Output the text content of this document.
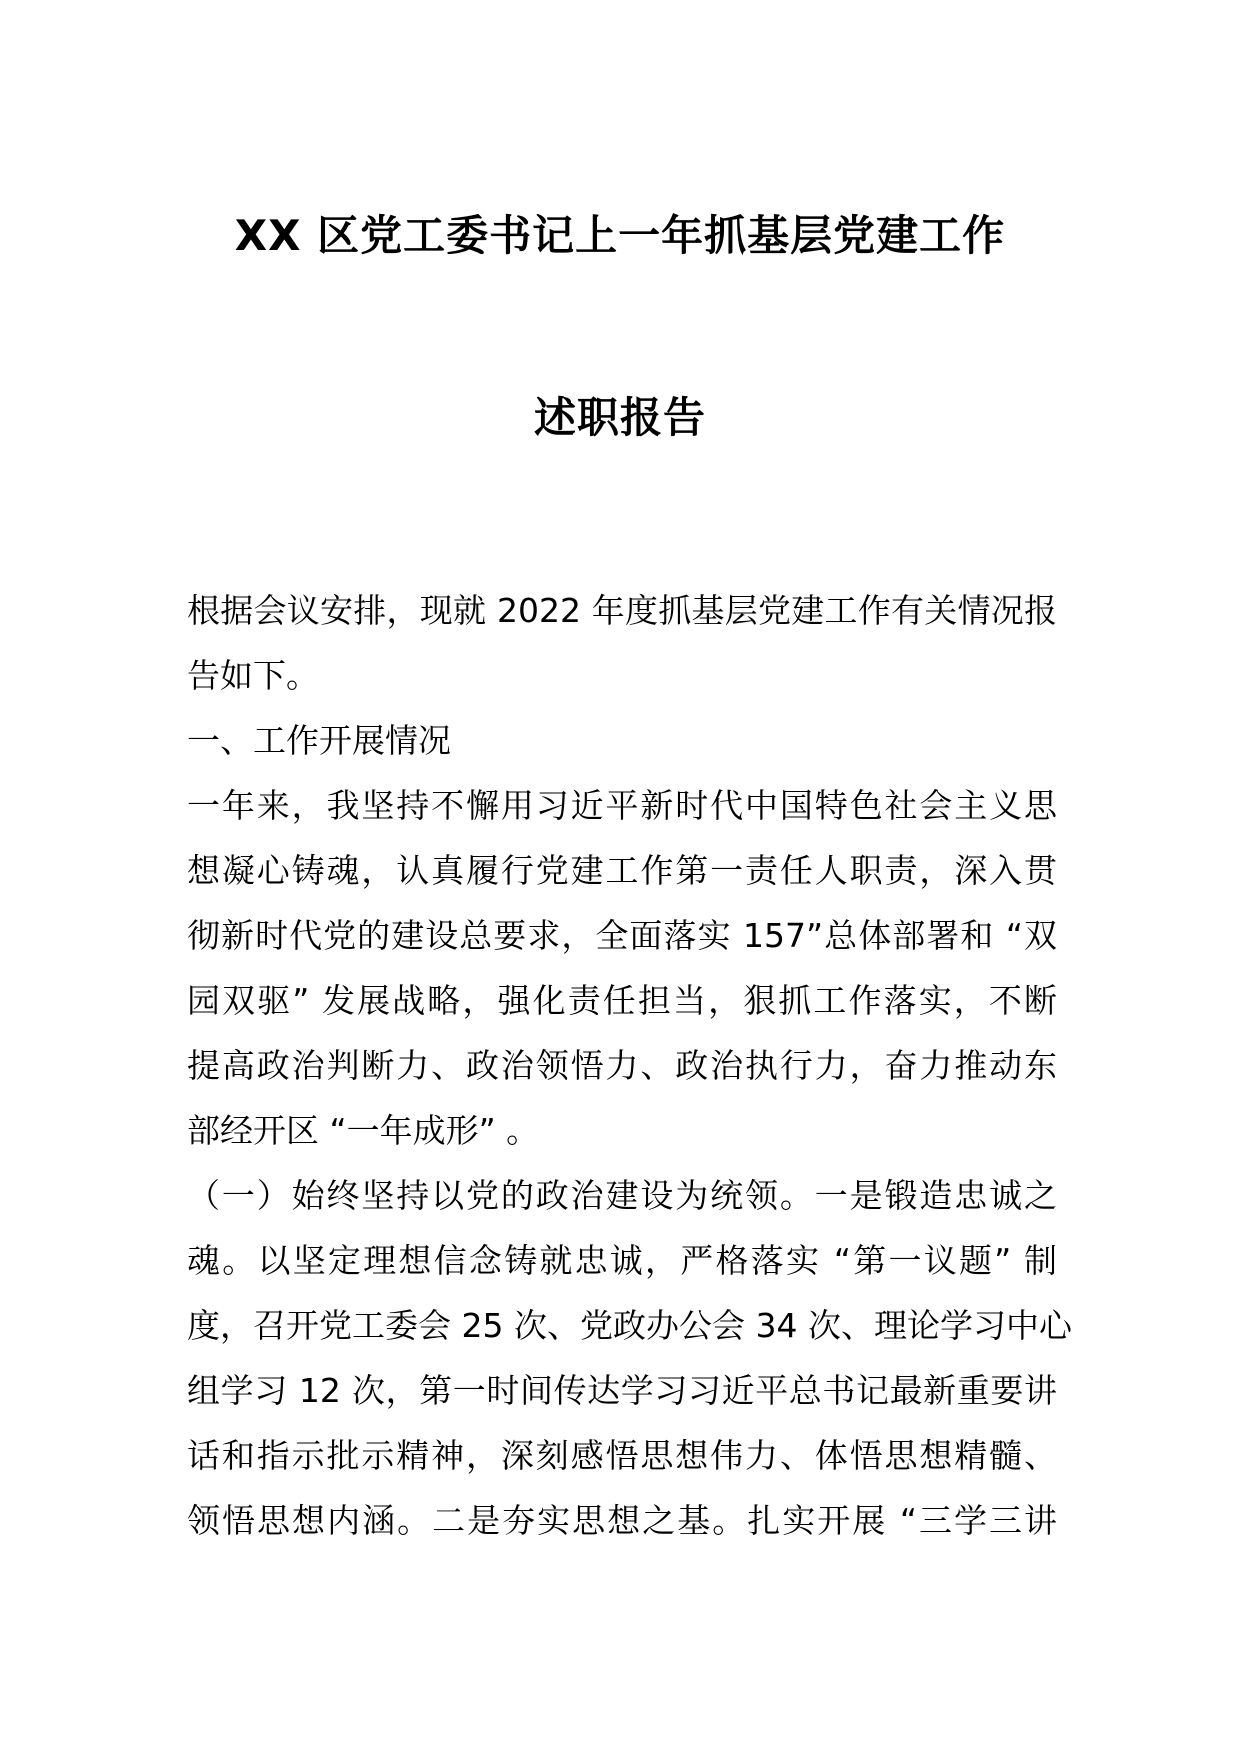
XX 区党工委书记上一年抓基层党建工作
述职报告
根据会议安排，现就 2022 年度抓基层党建工作有关情况报
告如下。
一、工作开展情况
一年来，我坚持不懈用习近平新时代中国特色社会主义思
想凝心铸魂，认真履行党建工作第一责任人职责，深入贯
彻新时代党的建设总要求，全面落实 157”总体部署和 “双
园双驱” 发展战略，强化责任担当，狠抓工作落实，不断
提高政治判断力、政治领悟力、政治执行力，奋力推动东
部经开区 “一年成形” 。
（一）始终坚持以党的政治建设为统领。一是锻造忠诚之
魂。以坚定理想信念铸就忠诚，严格落实 “第一议题” 制
度，召开党工委会 25 次、党政办公会 34 次、理论学习中心
组学习 12 次，第一时间传达学习习近平总书记最新重要讲
话和指示批示精神，深刻感悟思想伟力、体悟思想精髓、
领悟思想内涵。二是夯实思想之基。扎实开展 “三学三讲
